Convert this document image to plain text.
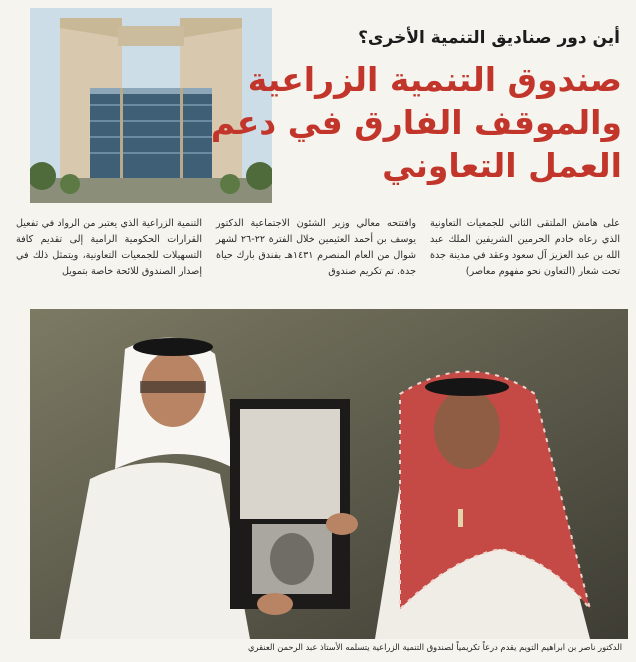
أين دور صناديق التنمية الأخرى؟

صندوق التنمية الزراعية
والموقف الفارق في دعم
العمل التعاوني

على هامش الملتقى الثاني للجمعيات التعاونية الذي رعاه خادم الحرمين الشريفين الملك عبد الله بن عبد العزيز آل سعود وعقد في مدينة جدة تحت شعار (التعاون نحو مفهوم معاصر)

وافتتحه معالي وزير الشئون الاجتماعية الدكتور يوسف بن أحمد العثيمين خلال الفترة ٢٢-٢٦ لشهر شوال من العام المنصرم ١٤٣١هـ بفندق بارك حياة جدة. تم تكريم صندوق

التنمية الزراعية الذي يعتبر من الرواد في تفعيل القرارات الحكومية الرامية إلى تقديم كافة التسهيلات للجمعيات التعاونية، ويتمثل ذلك في إصدار الصندوق للائحة خاصة بتمويل

الدكتور ناصر بن ابراهيم التويم يقدم درعاً تكريمياً لصندوق التنمية الزراعية يتسلمه الأستاذ عبد الرحمن العنقري
